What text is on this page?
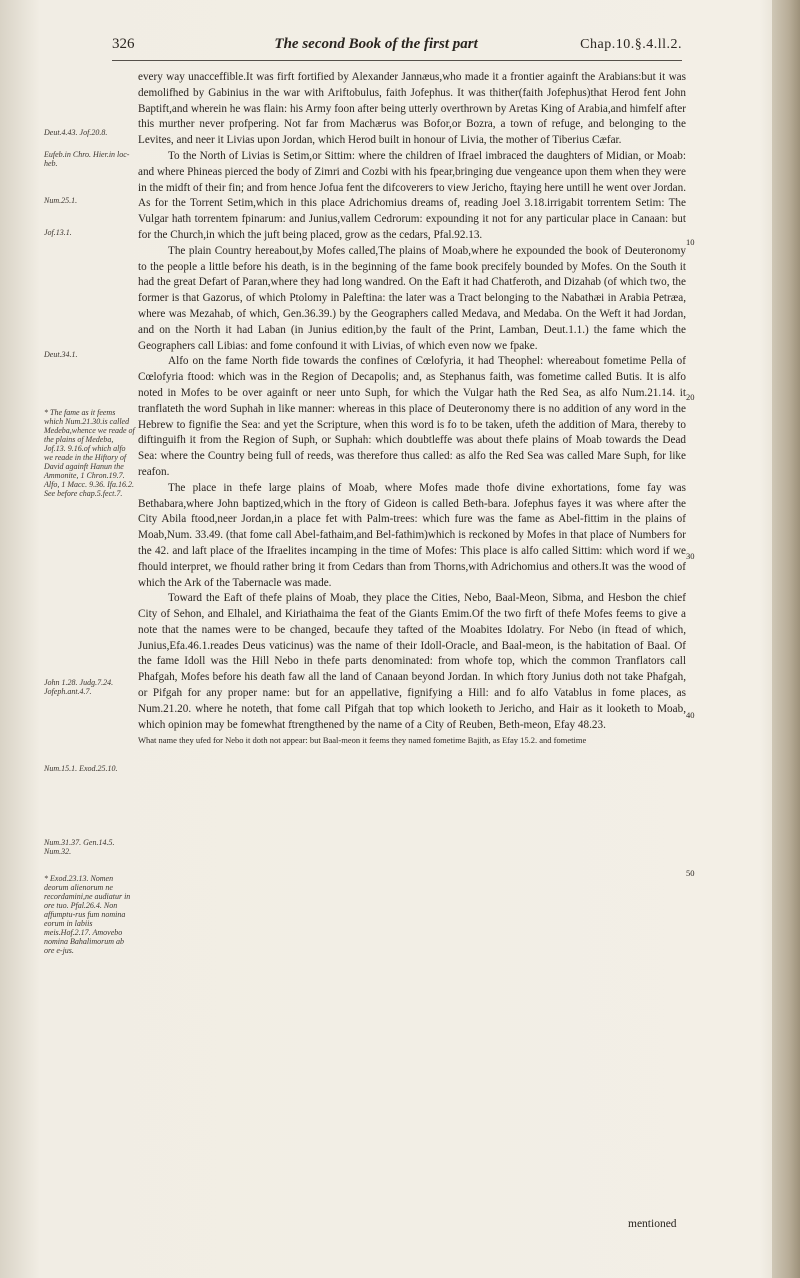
326	The second Book of the first part	Chap.10.§.4.ll.2.
Deut.4.43. Jof.20.8.
Eufeb.in Chro. Hier.in loc-heb.
Num.25.1.
Jof.13.1.
Deut.34.1.
* The fame as it feems which Num.21.30.is called Medeba,whence we reade of the plains of Medeba, Jof.13. 9.16.of which alfo we reade in the Hiftory of David againft Hanun the Ammonite, 1 Chron.19.7. Alfo, 1 Macc. 9.36. Ifa.16.2. See before chap.5.fect.7.
John 1.28. Judg.7.24. Jofeph.ant.4.7.
Num.15.1. Exod.25.10.
Num.31.37. Gen.14.5. Num.32.
* Exod.23.13. Nomen deorum alienorum ne recordamini,ne audiatur in ore tuo. Pfal.26.4. Non affumptu-rus fum nomina eorum in labiis meis.Hof.2.17. Amovebo nomina Bahalimorum ab ore e-jus.
10
20
30
40
50

every way unacceffible.It was firft fortified by Alexander Jannæus,who made it a frontier againft the Arabians:but it was demolifhed by Gabinius in the war with Ariftobulus, faith Jofephus. It was thither(faith Jofephus)that Herod fent John Baptift,and wherein he was flain: his Army foon after being utterly overthrown by Aretas King of Arabia,and himfelf after this murther never profpering. Not far from Machærus was Bofor,or Bozra, a town of refuge, and belonging to the Levites, and neer it Livias upon Jordan, which Herod built in honour of Livia, the mother of Tiberius Cæfar.

To the North of Livias is Setim,or Sittim: where the children of Ifrael imbraced the daughters of Midian, or Moab: and where Phineas pierced the body of Zimri and Cozbi with his fpear,bringing due vengeance upon them when they were in the midft of their fin; and from hence Jofua fent the difcoverers to view Jericho, ftaying here untill he went over Jordan. As for the Torrent Setim,which in this place Adrichomius dreams of, reading Joel 3.18.irrigabit torrentem Setim: The Vulgar hath torrentem fpinarum: and Junius,vallem Cedrorum: expounding it not for any particular place in Canaan: but for the Church,in which the juft being placed, grow as the cedars, Pfal.92.13.

The plain Country hereabout,by Mofes called,The plains of Moab,where he expounded the book of Deuteronomy to the people a little before his death, is in the beginning of the fame book precifely bounded by Mofes. On the South it had the great Defart of Paran,where they had long wandred. On the Eaft it had Chatferoth, and Dizahab (of which two, the former is that Gazorus, of which Ptolomy in Paleftina: the later was a Tract belonging to the Nabathæi in Arabia Petræa, where was Mezahab, of which, Gen.36.39.) by the Geographers called Medava, and Medaba. On the Weft it had Jordan, and on the North it had Laban (in Junius edition,by the fault of the Print, Lamban, Deut.1.1.) the fame which the Geographers call Libias: and fome confound it with Livias, of which even now we fpake.

Alfo on the fame North fide towards the confines of Cœlofyria, it had Theophel: whereabout fometime Pella of Cœlofyria ftood: which was in the Region of Decapolis; and, as Stephanus faith, was fometime called Butis. It is alfo noted in Mofes to be over againft or neer unto Suph, for which the Vulgar hath the Red Sea, as alfo Num.21.14. it tranflateth the word Suphah in like manner: whereas in this place of Deuteronomy there is no addition of any word in the Hebrew to fignifie the Sea: and yet the Scripture, when this word is fo to be taken, ufeth the addition of Mara, thereby to diftinguifh it from the Region of Suph, or Suphah: which doubtleffe was about thefe plains of Moab towards the Dead Sea: where the Country being full of reeds, was therefore thus called: as alfo the Red Sea was called Mare Suph, for like reafon.

The place in thefe large plains of Moab, where Mofes made thofe divine exhortations, fome fay was Bethabara,where John baptized,which in the ftory of Gideon is called Beth-bara. Jofephus fayes it was where after the City Abila ftood,neer Jordan,in a place fet with Palm-trees: which fure was the fame as Abel-fittim in the plains of Moab,Num. 33.49. (that fome call Abel-fathaim,and Bel-fathim)which is reckoned by Mofes in that place of Numbers for the 42. and laft place of the Ifraelites incamping in the time of Mofes: This place is alfo called Sittim: which word if we fhould interpret, we fhould rather bring it from Cedars than from Thorns,with Adrichomius and others.It was the wood of which the Ark of the Tabernacle was made.

Toward the Eaft of thefe plains of Moab, they place the Cities, Nebo, Baal-Meon, Sibma, and Hesbon the chief City of Sehon, and Elhalel, and Kiriathaima the feat of the Giants Emim.Of the two firft of thefe Mofes feems to give a note that the names were to be changed, becaufe they tafted of the Moabites Idolatry. For Nebo (in ftead of which, Junius,Efa.46.1.reades Deus vaticinus) was the name of their Idoll-Oracle, and Baal-meon, is the habitation of Baal. Of the fame Idoll was the Hill Nebo in thefe parts denominated: from whofe top, which the common Tranflators call Phafgah, Mofes before his death faw all the land of Canaan beyond Jordan. In which ftory Junius doth not take Phafgah, or Pifgah for any proper name: but for an appellative, fignifying a Hill: and fo alfo Vatablus in fome places, as Num.21.20. where he noteth, that fome call Pifgah that top which looketh to Jericho, and Hair as it looketh to Moab, which opinion may be fomewhat ftrengthened by the name of a City of Reuben, Beth-meon, Efay 48.23.

What name they ufed for Nebo it doth not appear: but Baal-meon it feems they named fometime Bajith, as Efay 15.2. and fometime

mentioned
